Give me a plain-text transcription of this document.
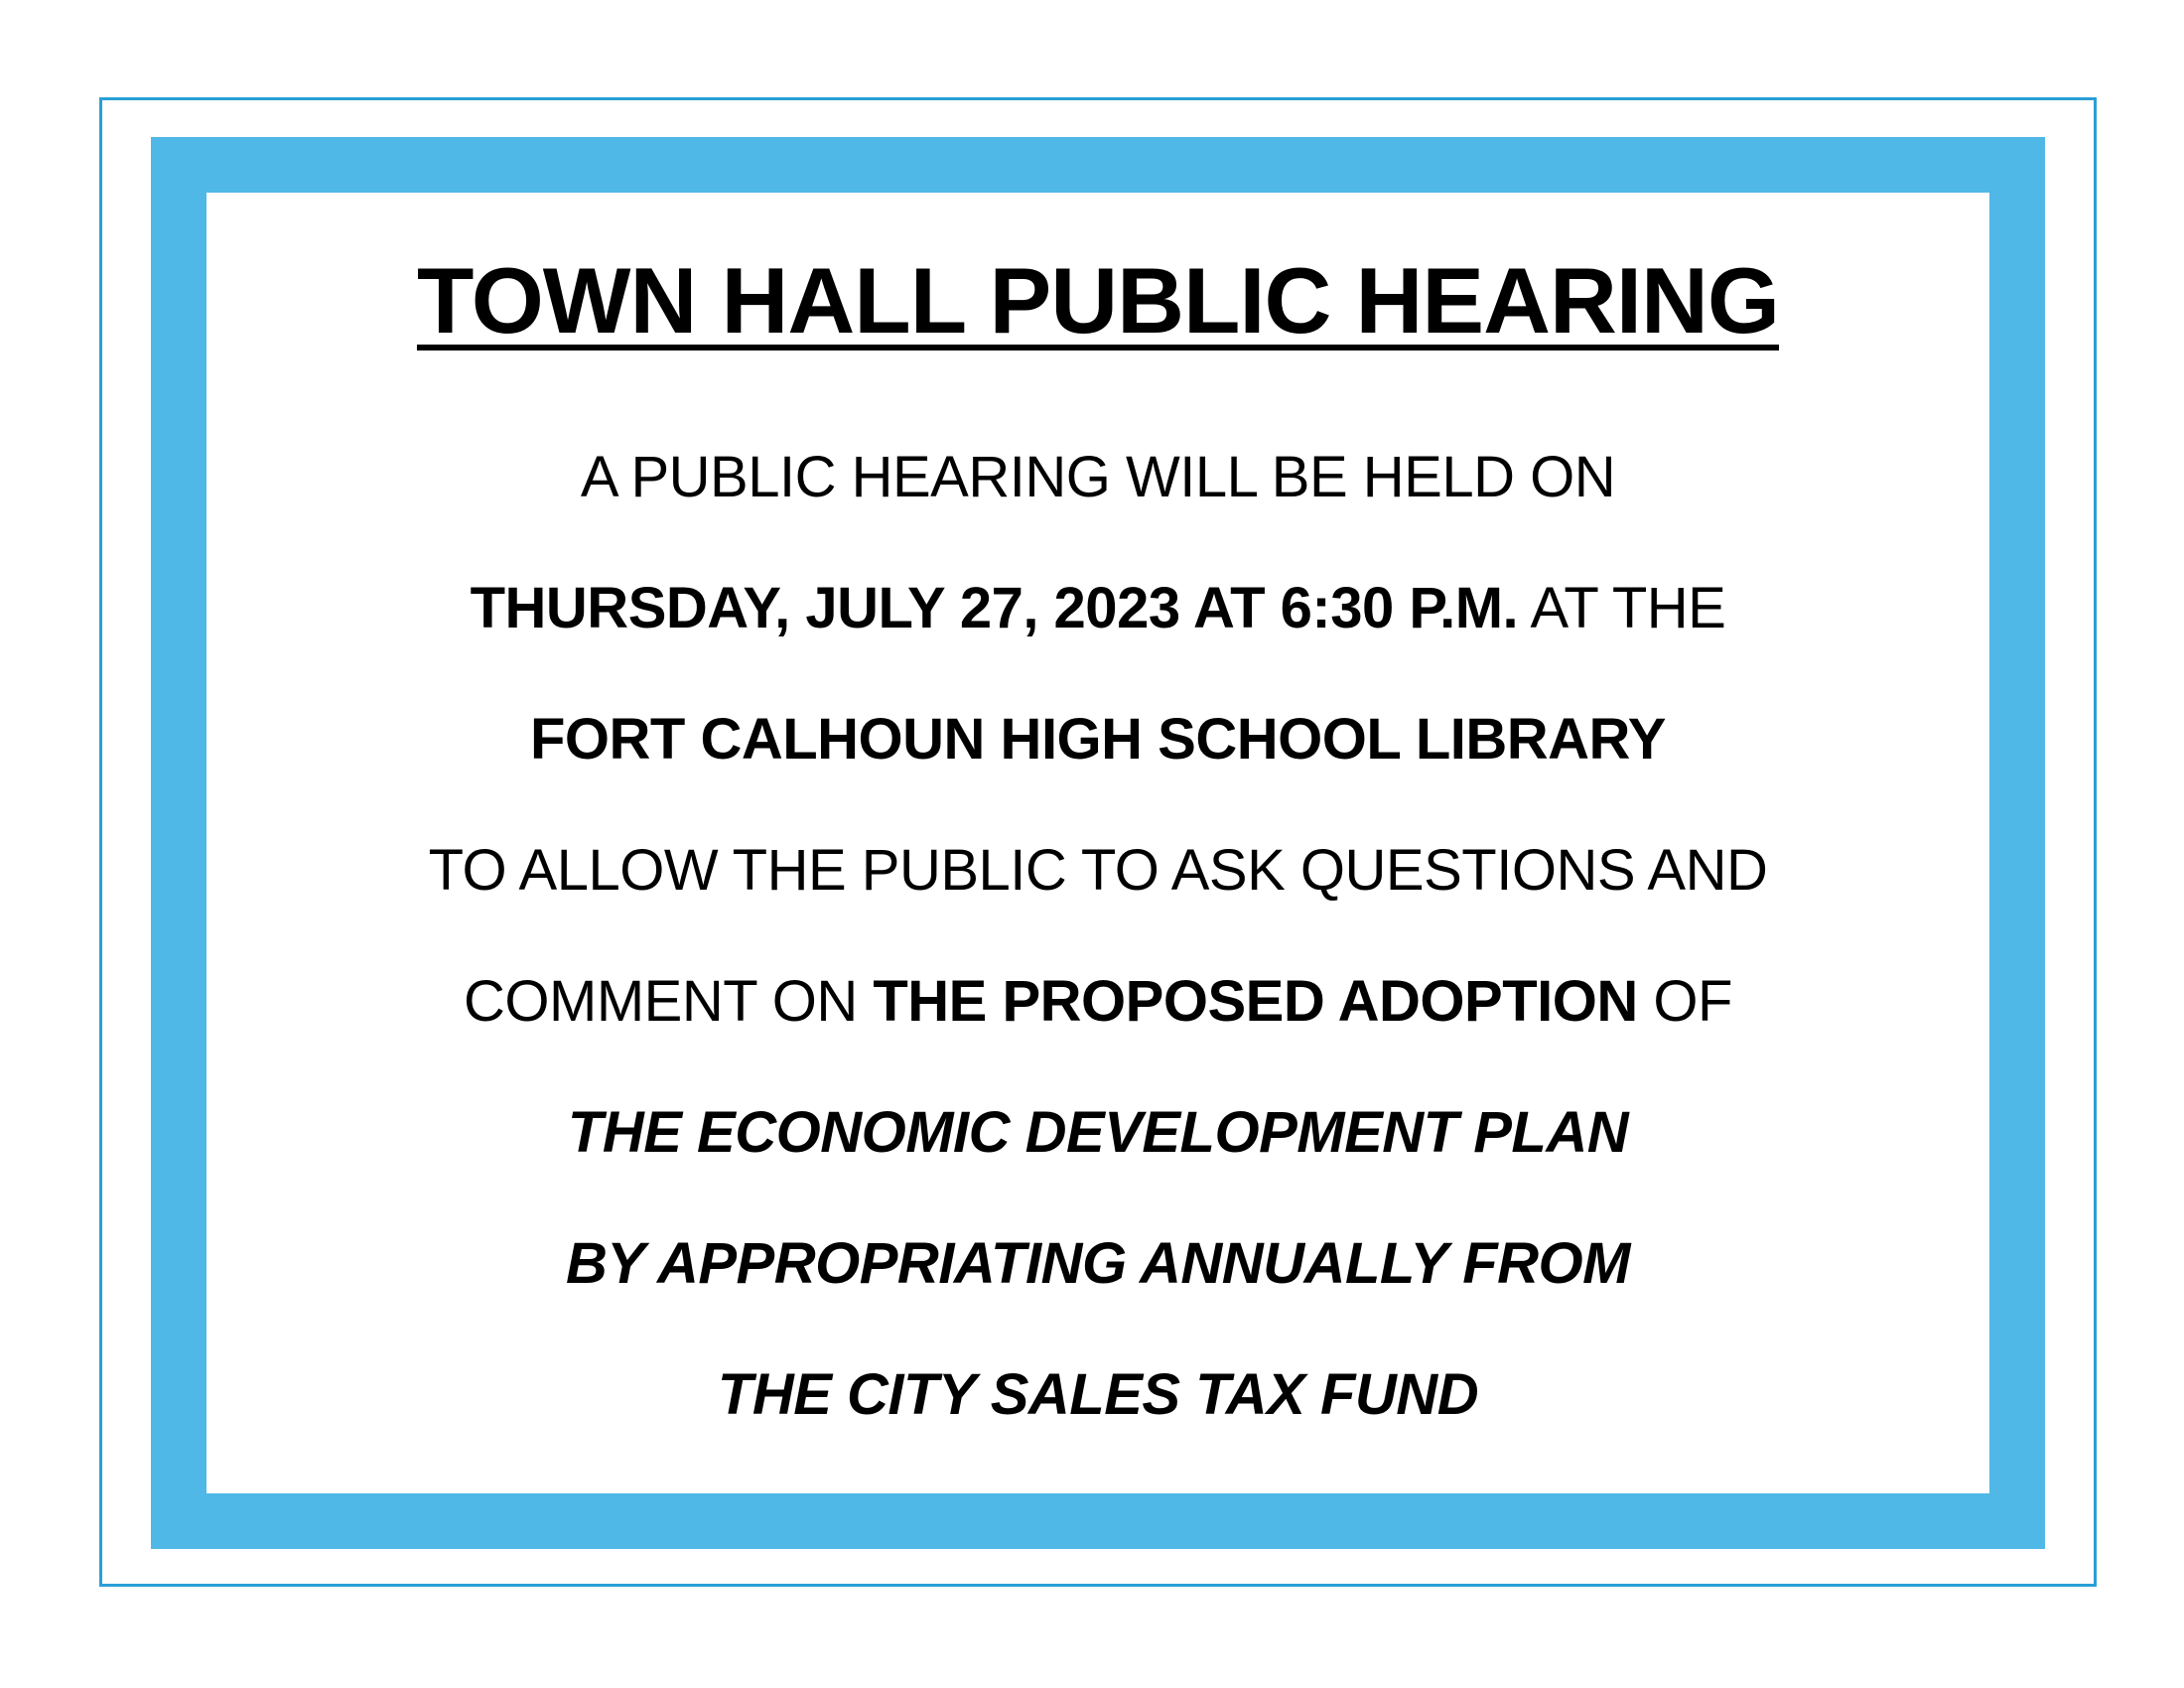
TOWN HALL PUBLIC HEARING
A PUBLIC HEARING WILL BE HELD ON
THURSDAY, JULY 27, 2023 AT 6:30 P.M. AT THE
FORT CALHOUN HIGH SCHOOL LIBRARY
TO ALLOW THE PUBLIC TO ASK QUESTIONS AND
COMMENT ON THE PROPOSED ADOPTION OF
THE ECONOMIC DEVELOPMENT PLAN
BY APPROPRIATING ANNUALLY FROM
THE CITY SALES TAX FUND
